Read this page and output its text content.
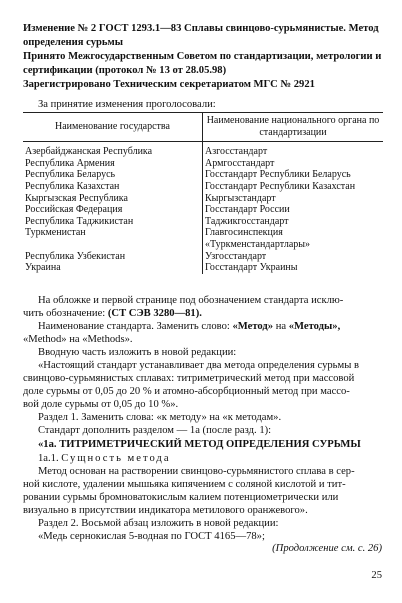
Изменение № 2 ГОСТ 1293.1—83 Сплавы свинцово-сурьмянистые. Метод определения сурьмы
Принято Межгосударственным Советом по стандартизации, метрологии и сертификации (протокол № 13 от 28.05.98)
Зарегистрировано Техническим секретариатом МГС № 2921
За принятие изменения проголосовали:
Наименование государства	Наименование национального органа по стандартизации
Азербайджанская Республика	Азгосстандарт
Республика Армения	Армгосстандарт
Республика Беларусь	Госстандарт Республики Беларусь
Республика Казахстан	Госстандарт Республики Казахстан
Кыргызская Республика	Кыргызстандарт
Российская Федерация	Госстандарт России
Республика Таджикистан	Таджикгосстандарт
Туркменистан	Главгосинспекция «Туркменстандартлары»
Республика Узбекистан	Узгосстандарт
Украина	Госстандарт Украины
На обложке и первой странице под обозначением стандарта исклю-
чить обозначение: (СТ СЭВ 3280—81).
Наименование стандарта. Заменить слово: «Метод» на «Методы»,
«Method» на «Methods».
Вводную часть изложить в новой редакции:
«Настоящий стандарт устанавливает два метода определения сурьмы в
свинцово-сурьмянистых сплавах: титриметрический метод при массовой
доле сурьмы от 0,05 до 20 % и атомно-абсорбционный метод при массо-
вой доле сурьмы от 0,05 до 10 %».
Раздел 1. Заменить слова: «к методу» на «к методам».
Стандарт дополнить разделом — 1а (после разд. 1):
«1а. ТИТРИМЕТРИЧЕСКИЙ МЕТОД ОПРЕДЕЛЕНИЯ СУРЬМЫ
1а.1. Сущность метода
Метод основан на растворении свинцово-сурьмянистого сплава в сер-
ной кислоте, удалении мышьяка кипячением с соляной кислотой и тит-
ровании сурьмы бромноватокислым калием потенциометрически или
визуально в присутствии индикатора метилового оранжевого».
Раздел 2. Восьмой абзац изложить в новой редакции:
«Медь сернокислая 5-водная по ГОСТ 4165—78»;
(Продолжение см. с. 26)
25
